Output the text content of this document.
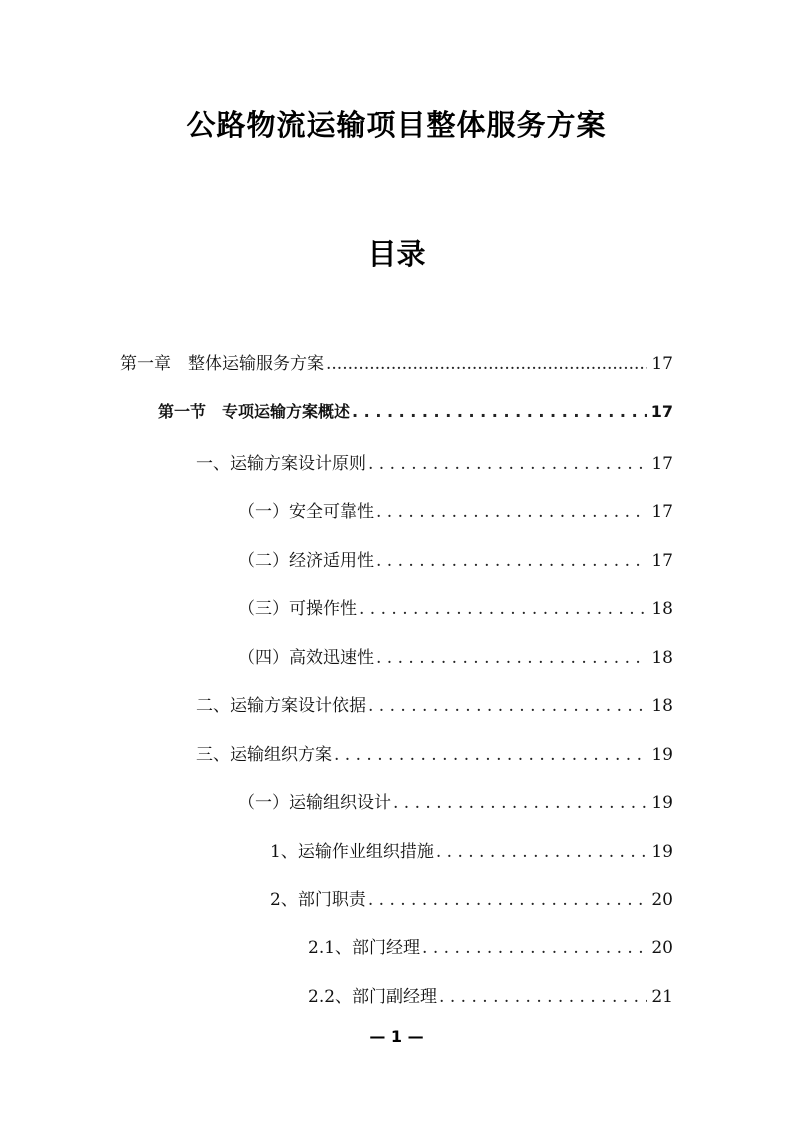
公路物流运输项目整体服务方案
目录
第一章　整体运输服务方案 .....	17
第一节　专项运输方案概述 . . .	17
一、运输方案设计原则 . . .	17
（一）安全可靠性 . . .	17
（二）经济适用性 . . .	17
（三）可操作性 . . .	18
（四）高效迅速性 . . .	18
二、运输方案设计依据 . . .	18
三、运输组织方案 . . .	19
（一）运输组织设计 . . .	19
1、运输作业组织措施 . . .	19
2、部门职责 . . .	20
2.1、部门经理 . . .	20
2.2、部门副经理 . . .	21
— 1 —
